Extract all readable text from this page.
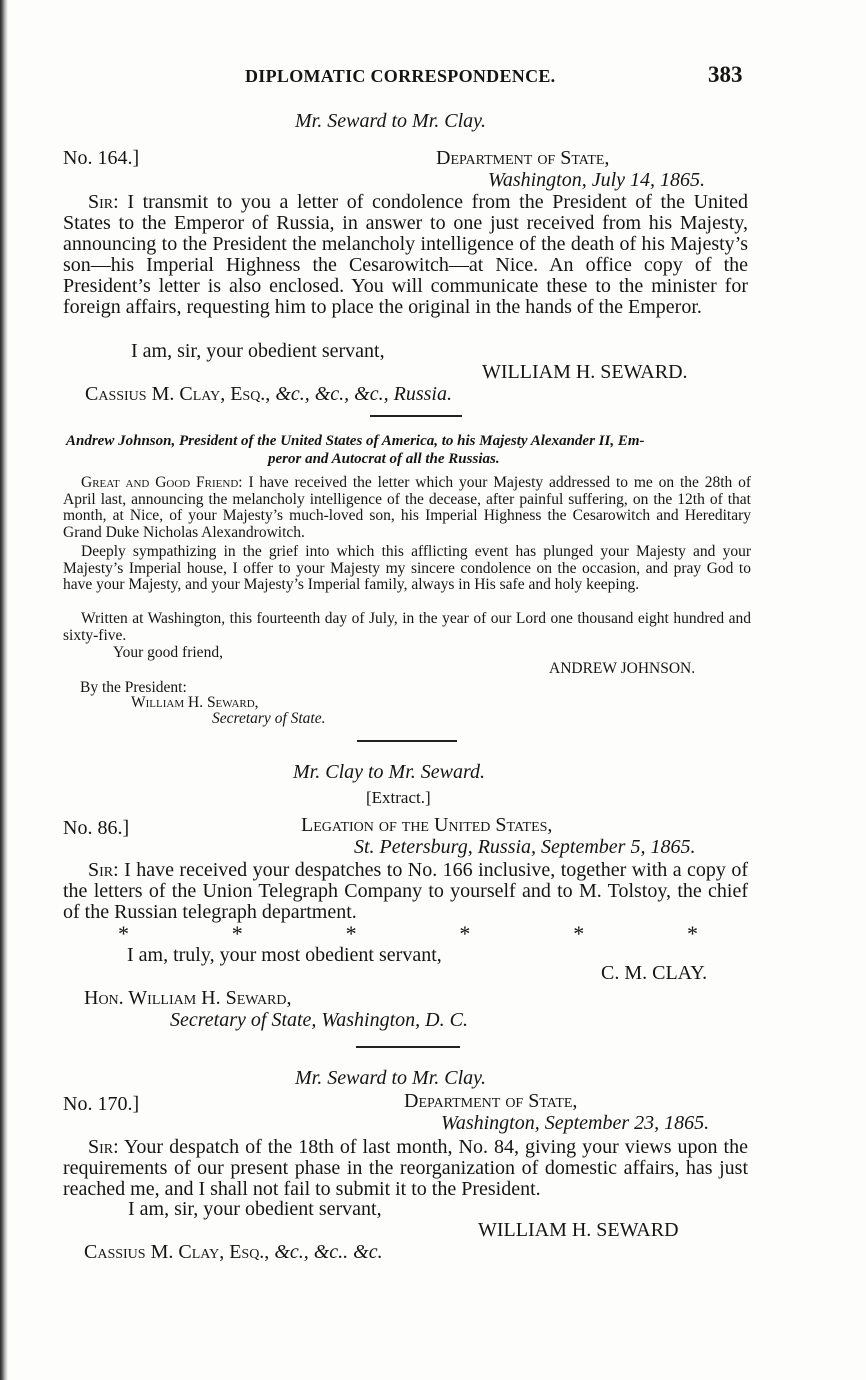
DIPLOMATIC CORRESPONDENCE.	383
Mr. Seward to Mr. Clay.
No. 164.]	Department of State,
Washington, July 14, 1865.

Sir: I transmit to you a letter of condolence from the President of the United States to the Emperor of Russia, in answer to one just received from his Majesty, announcing to the President the melancholy intelligence of the death of his Majesty’s son—his Imperial Highness the Cesarowitch—at Nice. An office copy of the President’s letter is also enclosed. You will communicate these to the minister for foreign affairs, requesting him to place the original in the hands of the Emperor.

I am, sir, your obedient servant,
WILLIAM H. SEWARD.
Cassius M. Clay, Esq., &c., &c., &c., Russia.
Andrew Johnson, President of the United States of America, to his Majesty Alexander II, Em-
peror and Autocrat of all the Russias.

Great and Good Friend: I have received the letter which your Majesty addressed to me on the 28th of April last, announcing the melancholy intelligence of the decease, after painful suffering, on the 12th of that month, at Nice, of your Majesty’s much-loved son, his Imperial Highness the Cesarowitch and Hereditary Grand Duke Nicholas Alexandrowitch.

Deeply sympathizing in the grief into which this afflicting event has plunged your Majesty and your Majesty’s Imperial house, I offer to your Majesty my sincere condolence on the occasion, and pray God to have your Majesty, and your Majesty’s Imperial family, always in His safe and holy keeping.

Written at Washington, this fourteenth day of July, in the year of our Lord one thousand eight hundred and sixty-five.

Your good friend,
ANDREW JOHNSON.
By the President:
William H. Seward,
Secretary of State.
Mr. Clay to Mr. Seward.
[Extract.]
No. 86.]	Legation of the United States,
St. Petersburg, Russia, September 5, 1865.

Sir: I have received your despatches to No. 166 inclusive, together with a copy of the letters of the Union Telegraph Company to yourself and to M. Tolstoy, the chief of the Russian telegraph department.

*	*	*	*	*	*
I am, truly, your most obedient servant,
C. M. CLAY.
Hon. William H. Seward,
Secretary of State, Washington, D. C.
Mr. Seward to Mr. Clay.
No. 170.]	Department of State,
Washington, September 23, 1865.

Sir: Your despatch of the 18th of last month, No. 84, giving your views upon the requirements of our present phase in the reorganization of domestic affairs, has just reached me, and I shall not fail to submit it to the President.

I am, sir, your obedient servant,
WILLIAM H. SEWARD
Cassius M. Clay, Esq., &c., &c.. &c.
